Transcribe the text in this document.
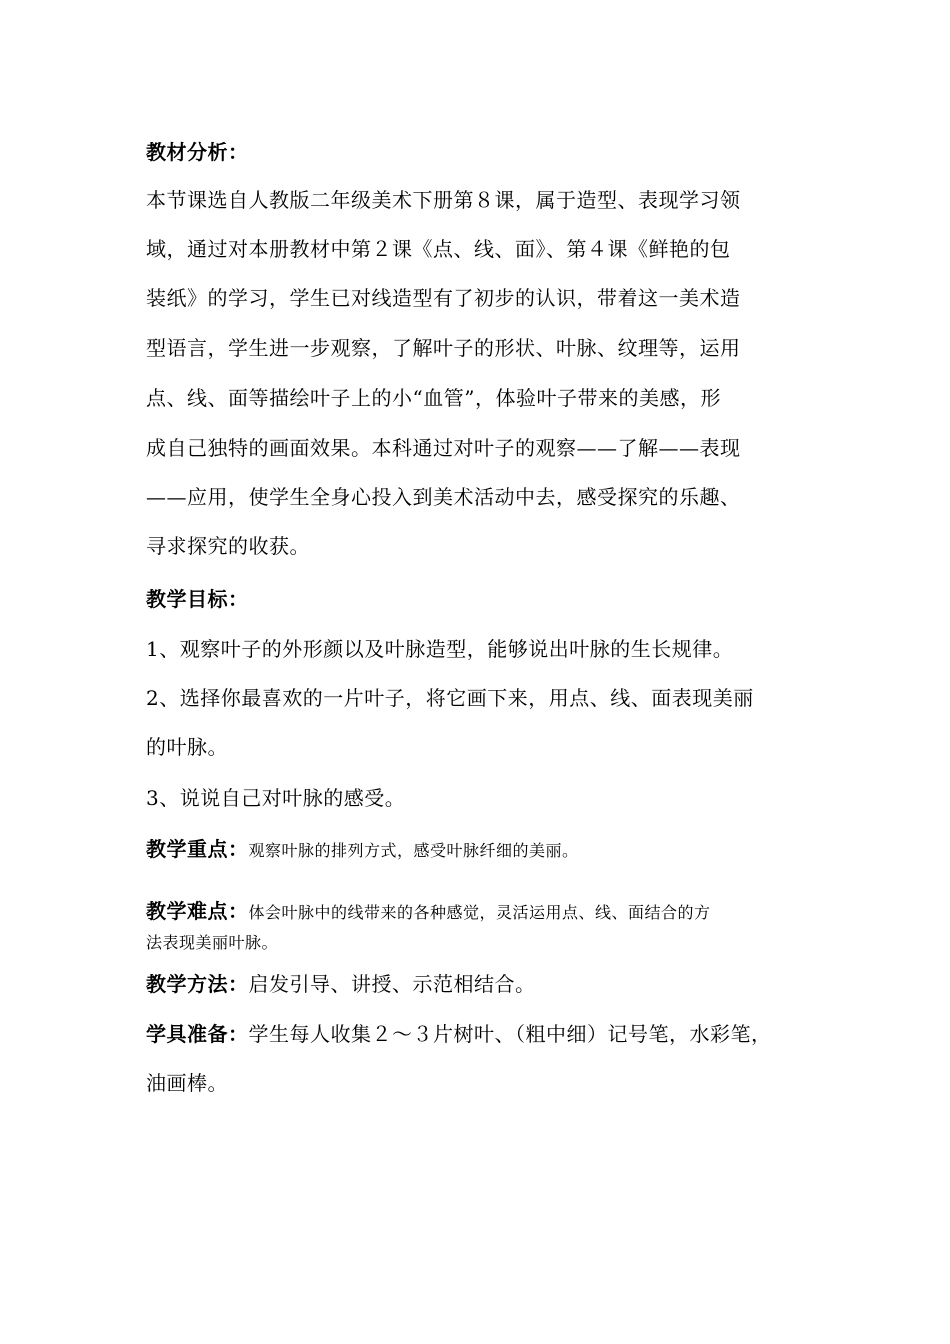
教材分析：
本节课选自人教版二年级美术下册第８课，属于造型、表现学习领
域，通过对本册教材中第２课《点、线、面》、第４课《鲜艳的包
装纸》的学习，学生已对线造型有了初步的认识，带着这一美术造
型语言，学生进一步观察，了解叶子的形状、叶脉、纹理等，运用
点、线、面等描绘叶子上的小“血管”，体验叶子带来的美感，形
成自己独特的画面效果。本科通过对叶子的观察——了解——表现
——应用，使学生全身心投入到美术活动中去，感受探究的乐趣、
寻求探究的收获。
教学目标：
1、观察叶子的外形颜以及叶脉造型，能够说出叶脉的生长规律。
2、选择你最喜欢的一片叶子，将它画下来，用点、线、面表现美丽
的叶脉。
3、说说自己对叶脉的感受。
教学重点：观察叶脉的排列方式，感受叶脉纤细的美丽。
教学难点：体会叶脉中的线带来的各种感觉，灵活运用点、线、面结合的方
法表现美丽叶脉。
教学方法：启发引导、讲授、示范相结合。
学具准备：学生每人收集２～３片树叶、（粗中细）记号笔，水彩笔，
油画棒。
